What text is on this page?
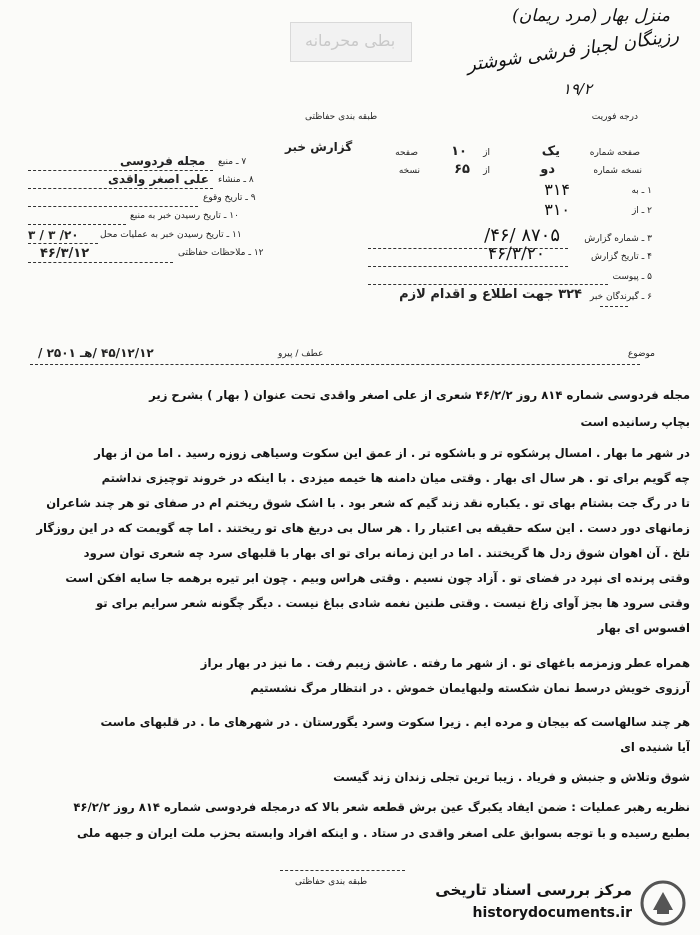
منزل بهار (مرد ریمان)
رزینگان لجباز فرشی شوشتر
۱۹/۲
بطی محرمانه
طبقه بندی حفاظتی
گزارش خبر
درجه فوریت
۷ ـ منبع
مجله فردوسی
۸ ـ منشاء
علی اصغر واقدی
۹ ـ تاریخ وقوع
۱۰ ـ تاریخ رسیدن خبر به منبع
۱۱ ـ تاریخ رسیدن خبر به عملیات محل
۲۰/ ۳ / ۳
۱۲ ـ ملاحظات حفاظتی
۴۶/۳/۱۲
صفحه شماره
یک
از
۱۰
صفحه
نسخه شماره
دو
از
۶۵
نسخه
۱ ـ به
۳۱۴
۲ ـ از
۳۱۰
۳ ـ شماره گزارش
۸۷۰۵ /۴۶/
۴ ـ تاریخ گزارش
۴۶/۳/۲۰
۵ ـ پیوست
۶ ـ گیرندگان خبر
۳۲۴ جهت اطلاع و اقدام لازم
موضوع
عطف / پیرو
۴۵/۱۲/۱۲ /هـ ۲۵۰۱ /
مجله فردوسی شماره ۸۱۴ روز ۴۶/۲/۲ شعری از علی اصغر واقدی تحت عنوان ( بهار ) بشرح زیر
بچاپ رسانیده است
در شهر ما بهار . امسال پرشکوه تر و باشکوه تر . از عمق این سکوت وسیاهی زوزه رسید . اما من از بهار
چه گویم برای تو . هر سال ای بهار . وقتی میان دامنه ها خیمه میزدی . با اینکه در خروند توچیزی نداشتم
تا در رگ جت بشتام بهای تو . یکباره نقد زند گیم که شعر بود . با اشک شوق ریختم ام در صفای تو هر چند شاعران
زمانهای دور دست . این سکه حقیقه بی اعتبار را . هر سال بی دریغ های تو ریختند . اما چه گویمت که در این روزگار
تلخ . آن اهوان شوق زدل ها گریختند . اما در این زمانه برای تو ای بهار با قلبهای سرد چه شعری توان سرود
وقتی پرنده ای نپرد در فضای تو . آزاد چون نسیم . وقتی هراس وبیم . چون ابر تیره برهمه جا سایه افکن است
وقتی سرود ها بجز آوای زاغ نیست . وقتی طنین نغمه شادی بباغ نیست . دیگر چگونه شعر سرایم برای تو
افسوس ای بهار
همراه عطر وزمزمه باغهای تو . از شهر ما رفته . عاشق زیبم رفت . ما نیز در بهار براز
آرزوی خویش درسط نمان شکسته ولبهایمان خموش . در انتظار مرگ نشستیم
هر چند سالهاست که بیجان و مرده ایم . زیرا سکوت وسرد یگورستان . در شهرهای ما . در قلبهای ماست
آیا شنیده ای
شوق وتلاش و جنبش و فریاد . زیبا ترین تجلی زندان زند گیست
نظریه رهبر عملیات : ضمن ایفاد یکبرگ عین برش قطعه شعر بالا که درمجله فردوسی شماره ۸۱۴ روز ۴۶/۲/۲
بطبع رسیده و با توجه بسوابق علی اصغر واقدی در ستاد . و اینکه افراد وابسته بحزب ملت ایران و جبهه ملی
طبقه بندی حفاظتی	مرکز بررسی اسناد تاریخی
historydocuments.ir
